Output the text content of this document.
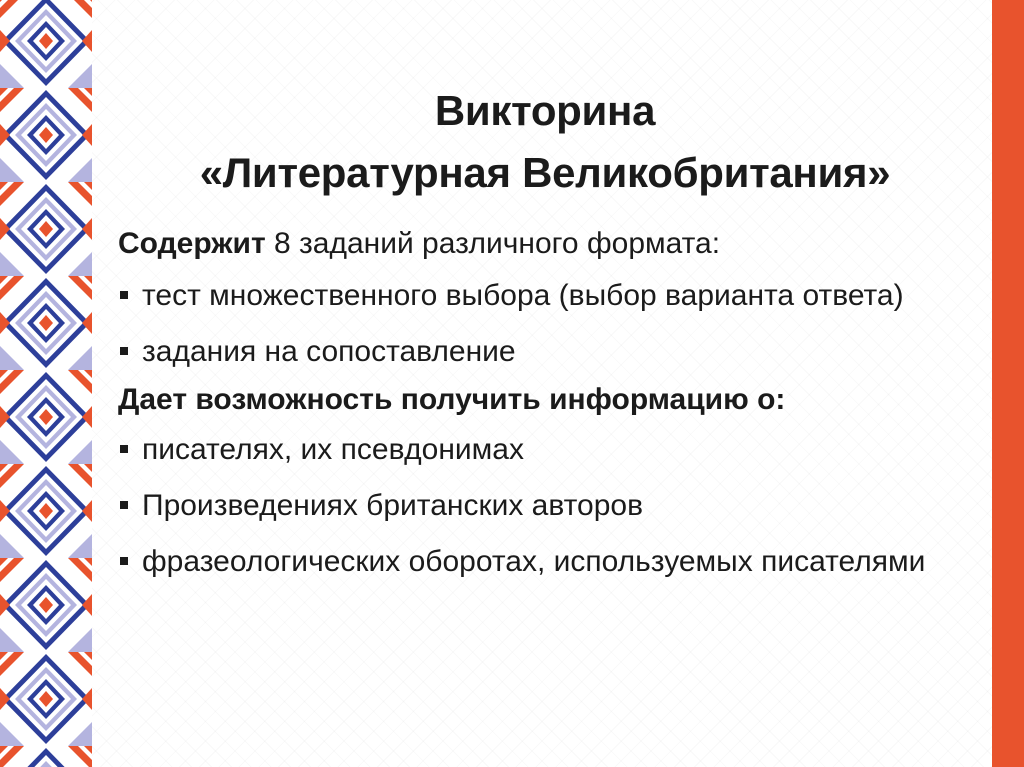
Викторина
«Литературная Великобритания»

Содержит 8 заданий различного формата:

тест множественного выбора (выбор варианта ответа)
задания на сопоставление

Дает возможность получить информацию о:

писателях, их псевдонимах
Произведениях британских авторов
фразеологических оборотах, используемых писателями
